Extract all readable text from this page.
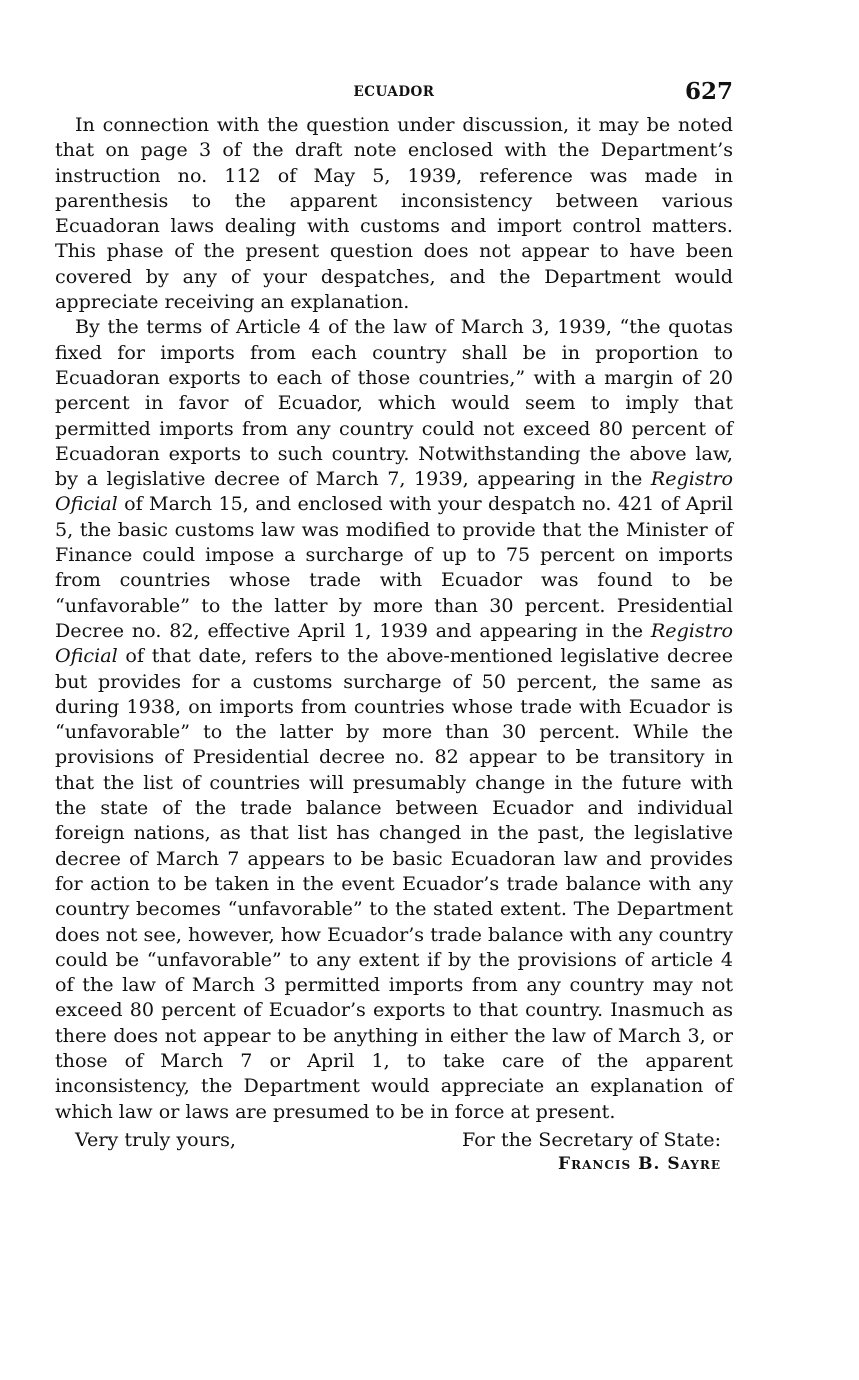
ECUADOR	627

In connection with the question under discussion, it may be noted that on page 3 of the draft note enclosed with the Department’s instruction no. 112 of May 5, 1939, reference was made in parenthesis to the apparent inconsistency between various Ecuadoran laws dealing with customs and import control matters. This phase of the present question does not appear to have been covered by any of your despatches, and the Department would appreciate receiving an explanation.

By the terms of Article 4 of the law of March 3, 1939, “the quotas fixed for imports from each country shall be in proportion to Ecuadoran exports to each of those countries,” with a margin of 20 percent in favor of Ecuador, which would seem to imply that permitted imports from any country could not exceed 80 percent of Ecuadoran exports to such country. Notwithstanding the above law, by a legislative decree of March 7, 1939, appearing in the Registro Oficial of March 15, and enclosed with your despatch no. 421 of April 5, the basic customs law was modified to provide that the Minister of Finance could impose a surcharge of up to 75 percent on imports from countries whose trade with Ecuador was found to be “unfavorable” to the latter by more than 30 percent. Presidential Decree no. 82, effective April 1, 1939 and appearing in the Registro Oficial of that date, refers to the above-mentioned legislative decree but provides for a customs surcharge of 50 percent, the same as during 1938, on imports from countries whose trade with Ecuador is “unfavorable” to the latter by more than 30 percent. While the provisions of Presidential decree no. 82 appear to be transitory in that the list of countries will presumably change in the future with the state of the trade balance between Ecuador and individual foreign nations, as that list has changed in the past, the legislative decree of March 7 appears to be basic Ecuadoran law and provides for action to be taken in the event Ecuador’s trade balance with any country becomes “unfavorable” to the stated extent. The Department does not see, however, how Ecuador’s trade balance with any country could be “unfavorable” to any extent if by the provisions of article 4 of the law of March 3 permitted imports from any country may not exceed 80 percent of Ecuador’s exports to that country. Inasmuch as there does not appear to be anything in either the law of March 3, or those of March 7 or April 1, to take care of the apparent inconsistency, the Department would appreciate an explanation of which law or laws are presumed to be in force at present.

Very truly yours,	For the Secretary of State:
Francis B. Sayre
